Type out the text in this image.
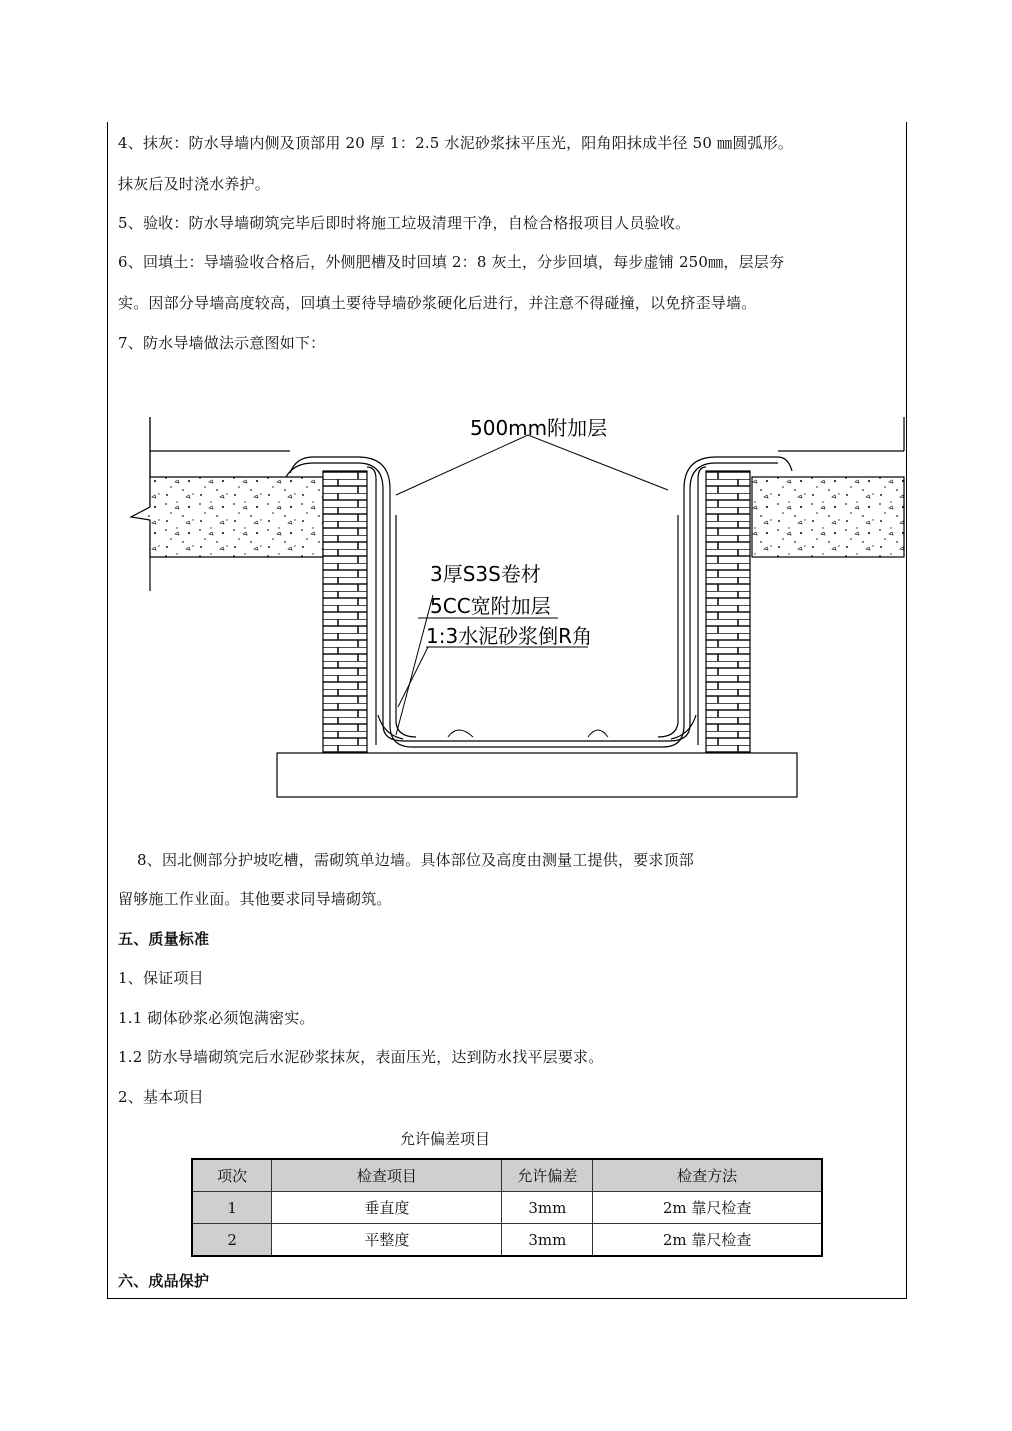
4、抹灰：防水导墙内侧及顶部用 20 厚 1：2.5 水泥砂浆抹平压光，阳角阳抹成半径 50 ㎜圆弧形。
抹灰后及时浇水养护。
5、验收：防水导墙砌筑完毕后即时将施工垃圾清理干净，自检合格报项目人员验收。
6、回填土：导墙验收合格后，外侧肥槽及时回填 2：8 灰土，分步回填，每步虚铺 250㎜，层层夯
实。因部分导墙高度较高，回填土要待导墙砂浆硬化后进行，并注意不得碰撞，以免挤歪导墙。
7、防水导墙做法示意图如下：
500mm附加层
3厚S3S卷材
5CC宽附加层
1:3水泥砂浆倒R角
8、因北侧部分护坡吃槽，需砌筑单边墙。具体部位及高度由测量工提供，要求顶部
留够施工作业面。其他要求同导墙砌筑。
五、质量标准
1、保证项目
1.1 砌体砂浆必须饱满密实。
1.2 防水导墙砌筑完后水泥砂浆抹灰，表面压光，达到防水找平层要求。
2、基本项目
允许偏差项目
项次	检查项目	允许偏差	检查方法
1	垂直度	3mm	2m 靠尺检查
2	平整度	3mm	2m 靠尺检查
六、成品保护
